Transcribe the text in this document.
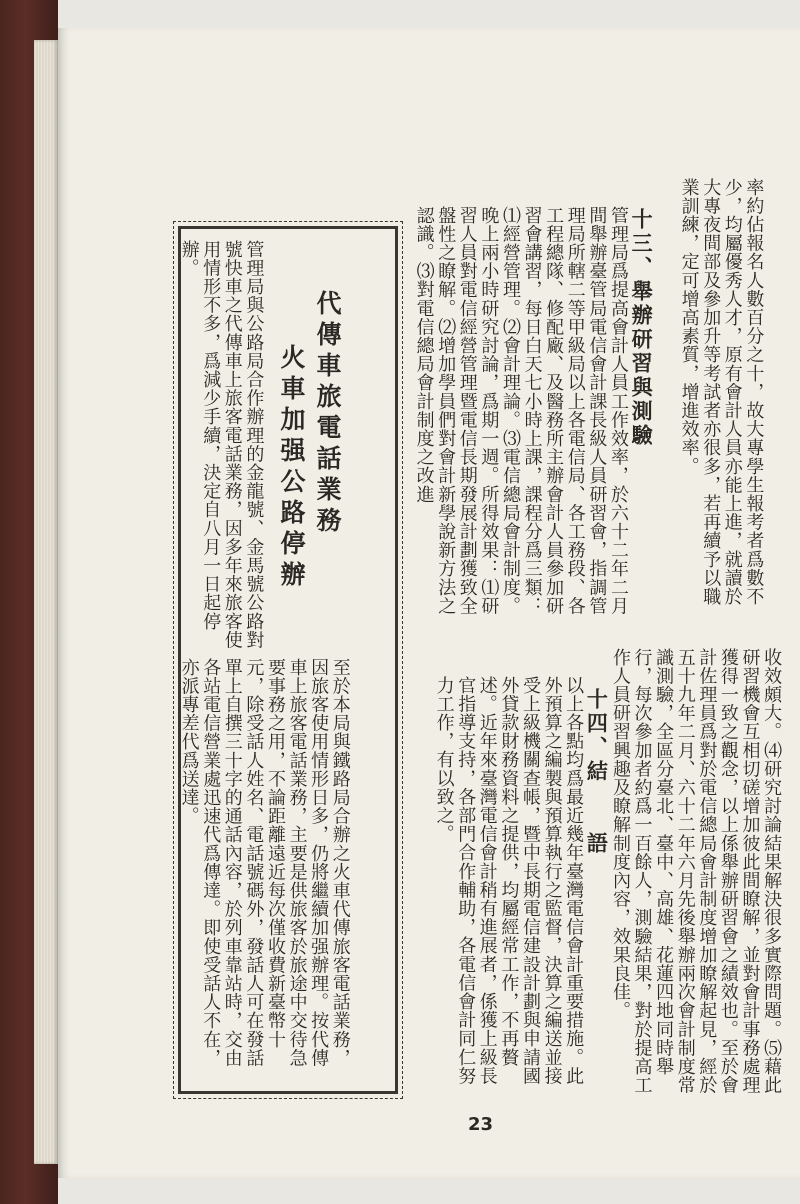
率約佔報名人數百分之十，故大專學生報考者爲數不少，均屬優秀人才，原有會計人員亦能上進，就讀於大專夜間部及參加升等考試者亦很多，若再續予以職業訓練，定可增高素質，增進效率。

十三、舉辦研習與測驗

管理局爲提高會計人員工作效率，於六十二年二月間舉辦臺管局電信會計課長級人員研習會，指調管理局所轄二等甲級局以上各電信局、各工務段、各工程總隊、修配廠、及醫務所主辦會計人員參加研習會講習，每日白天七小時上課，課程分爲三類：⑴經營管理。⑵會計理論。⑶電信總局會計制度。晚上兩小時研究討論，爲期一週。所得效果：⑴研習人員對電信經營管理暨電信長期發展計劃獲致全盤性之瞭解。⑵增加學員們對會計新學說新方法之認識。⑶對電信總局會計制度之改進

收效頗大。⑷研究討論結果解決很多實際問題。⑸藉此研習機會互相切磋增加彼此間瞭解，並對會計事務處理獲得一致之觀念，以上係舉辦研習會之績效也。至於會計佐理員爲對於電信總局會計制度增加瞭解起見，經於五十九年二月、六十二年六月先後舉辦兩次會計制度常識測驗，全區分臺北、臺中、高雄、花蓮四地同時舉行，每次參加者約爲一百餘人，測驗結果，對於提高工作人員研習興趣及瞭解制度內容，效果良佳。

十四、結　　語

以上各點均爲最近幾年臺灣電信會計重要措施。此外預算之編製與預算執行之監督，決算之編送並接受上級機關查帳，暨中長期電信建設計劃與申請國外貸款財務資料之提供，均屬經常工作，不再贅述。近年來臺灣電信會計稍有進展者，係獲上級長官指導支持，各部門合作輔助，各電信會計同仁努力工作，有以致之。

代傳車旅電話業務
火車加强公路停辦
管理局與公路局合作辦理的金龍號、金馬號公路對號快車之代傳車上旅客電話業務，因多年來旅客使用情形不多，爲減少手續，決定自八月一日起停辦。
至於本局與鐵路局合辦之火車代傳旅客電話業務，因旅客使用情形日多，仍將繼續加强辦理。按代傳車上旅客電話業務，主要是供旅客於旅途中交待急要事務之用，不論距離遠近每次僅收費新臺幣十元，除受話人姓名、電話號碼外，發話人可在發話單上自撰三十字的通話內容，於列車靠站時，交由各站電信營業處迅速代爲傳達。即使受話人不在，亦派專差代爲送達。
23
